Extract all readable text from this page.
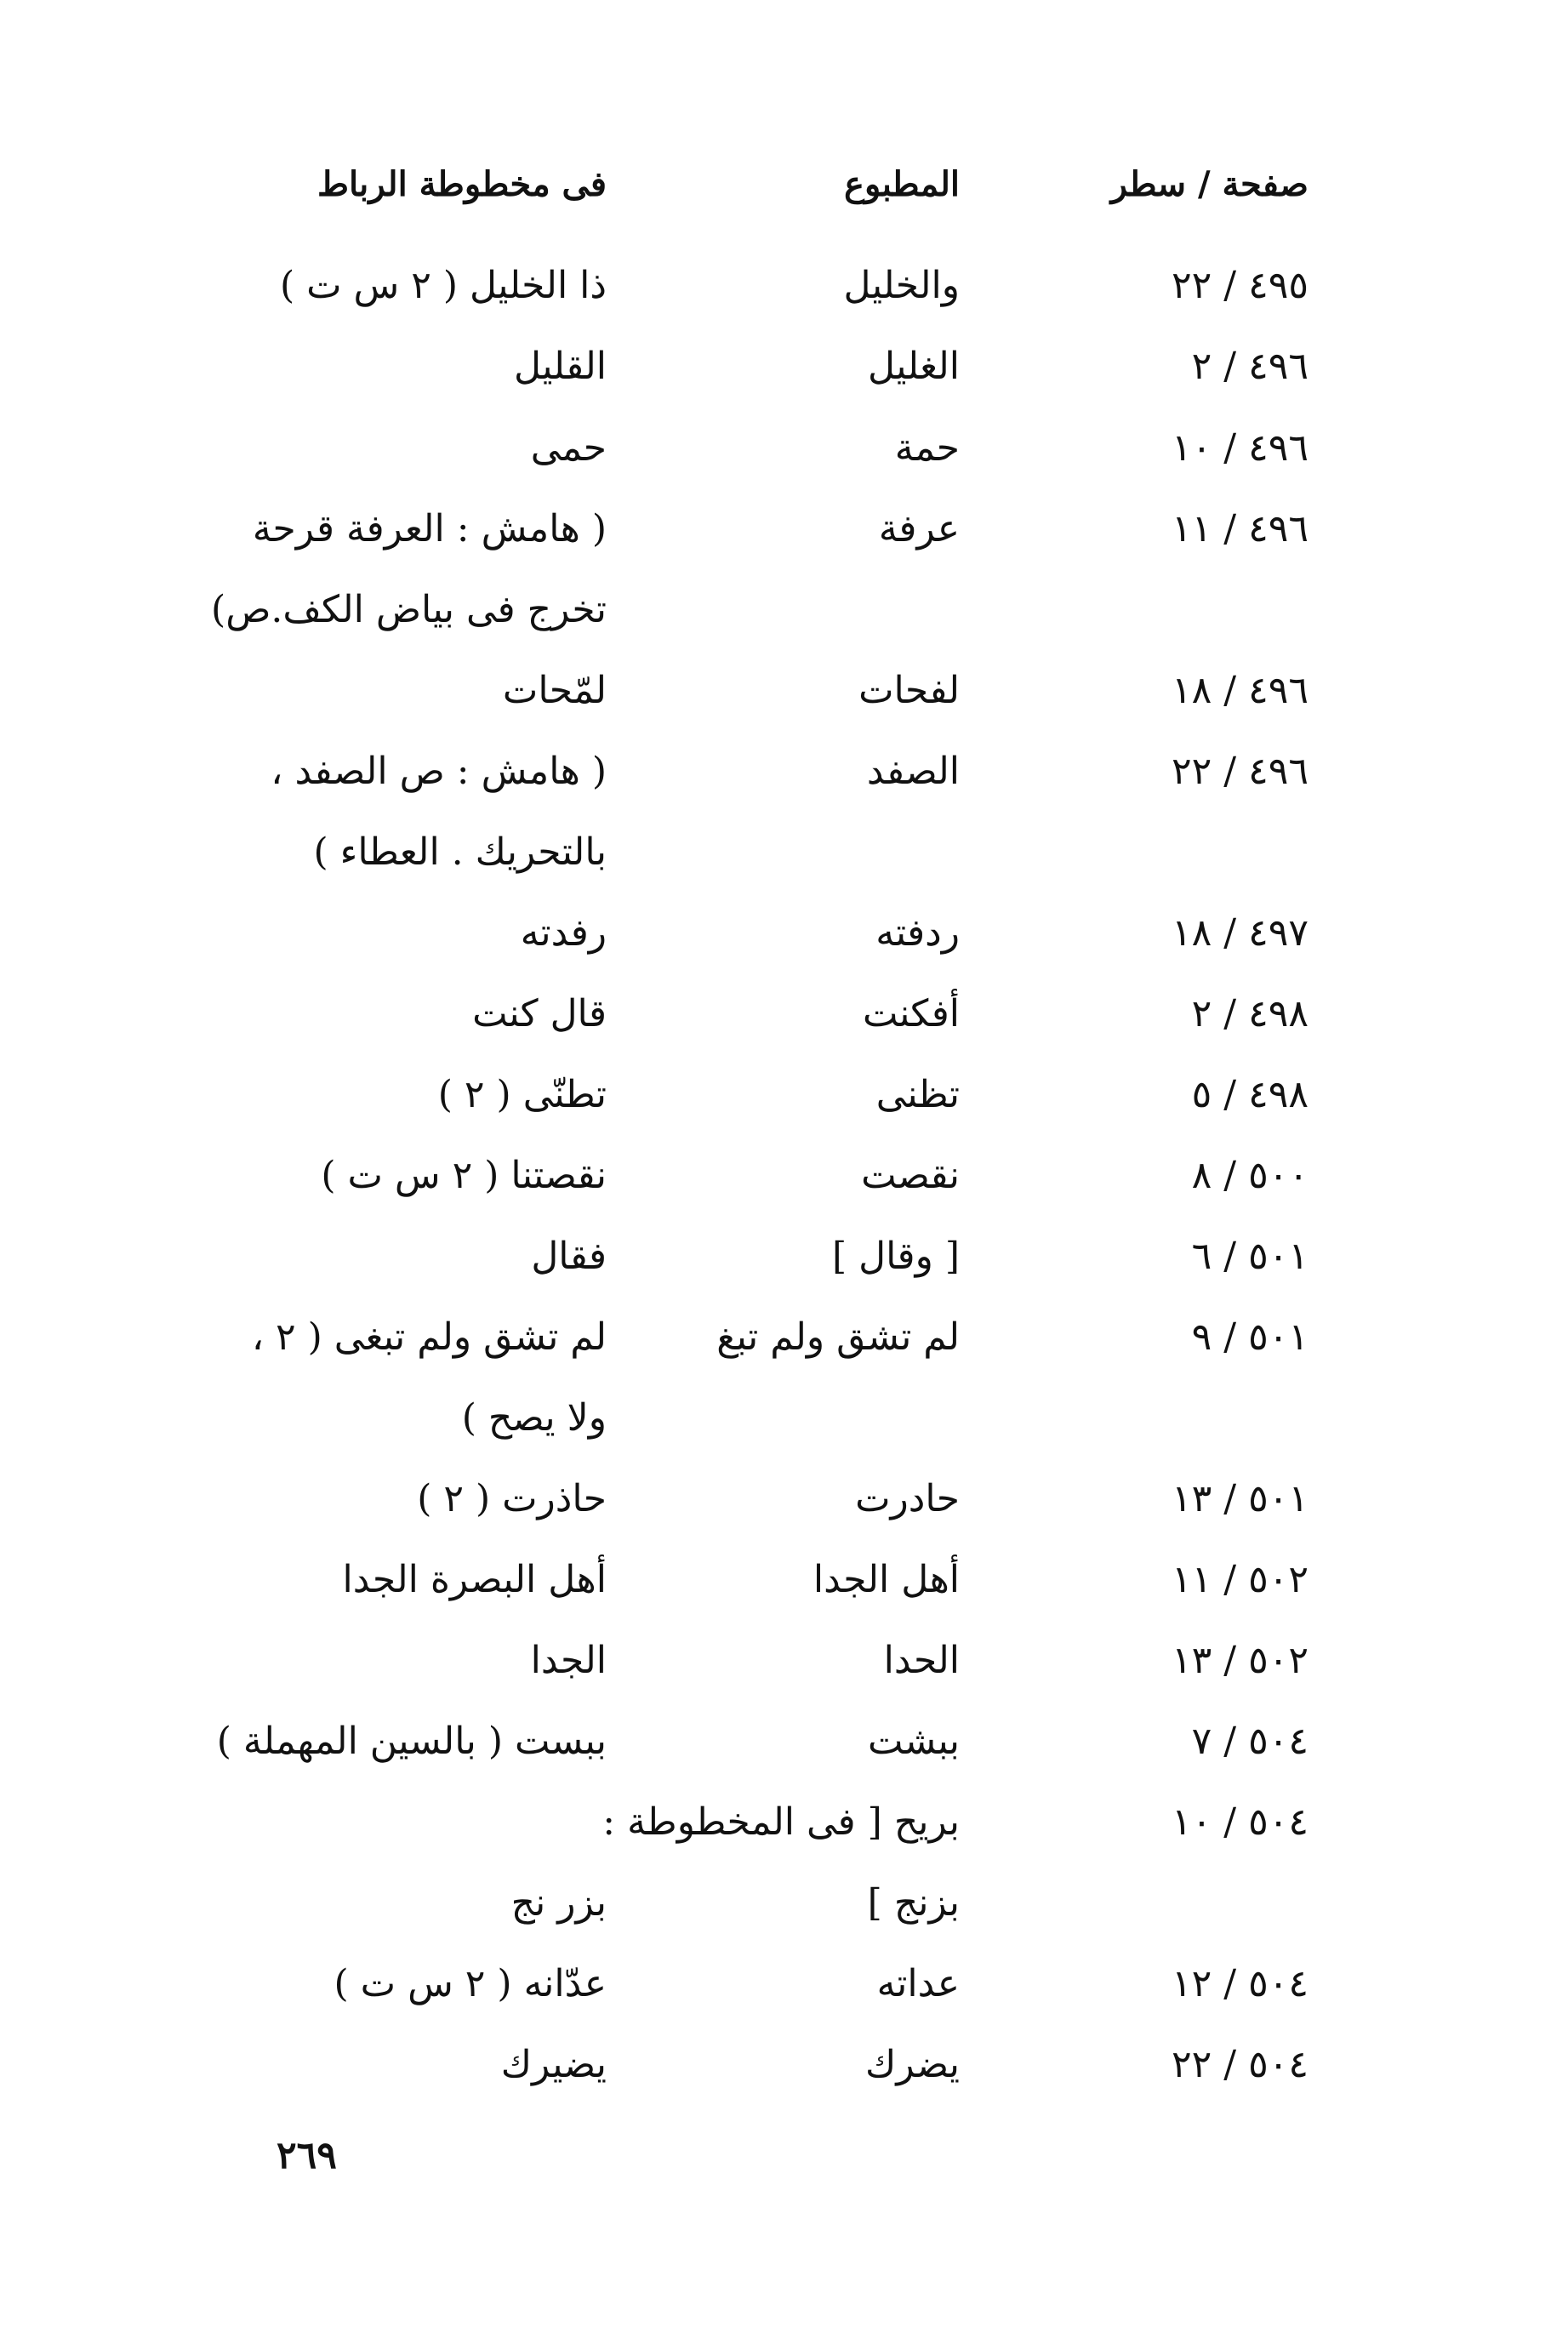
صفحة / سطر
المطبوع
فى مخطوطة الرباط
٤٩٥ / ٢٢
والخليل
ذا الخليل ( ٢ س ت )
٤٩٦ / ٢
الغليل
القليل
٤٩٦ / ١٠
حمة
حمى
٤٩٦ / ١١
عرفة
( هامش : العرفة قرحة
تخرج فى بياض الكف.ص)
٤٩٦ / ١٨
لفحات
لمّحات
٤٩٦ / ٢٢
الصفد
( هامش : ص الصفد ،
بالتحريك . العطاء )
٤٩٧ / ١٨
ردفته
رفدته
٤٩٨ / ٢
أفكنت
قال كنت
٤٩٨ / ٥
تظنى
تطنّى ( ٢ )
٥٠٠ / ٨
نقصت
نقصتنا ( ٢ س ت )
٥٠١ / ٦
[ وقال ]
فقال
٥٠١ / ٩
لم تشق ولم تبغ
لم تشق ولم تبغى ( ٢ ،
ولا يصح )
٥٠١ / ١٣
حادرت
حاذرت ( ٢ )
٥٠٢ / ١١
أهل الجدا
أهل البصرة الجدا
٥٠٢ / ١٣
الحدا
الجدا
٥٠٤ / ٧
ببشت
ببست ( بالسين المهملة )
٥٠٤ / ١٠
بريح [ فى المخطوطة :
بزنج ]
بزر نج
٥٠٤ / ١٢
عداته
عدّانه ( ٢ س ت )
٥٠٤ / ٢٢
يضرك
يضيرك
٢٦٩
